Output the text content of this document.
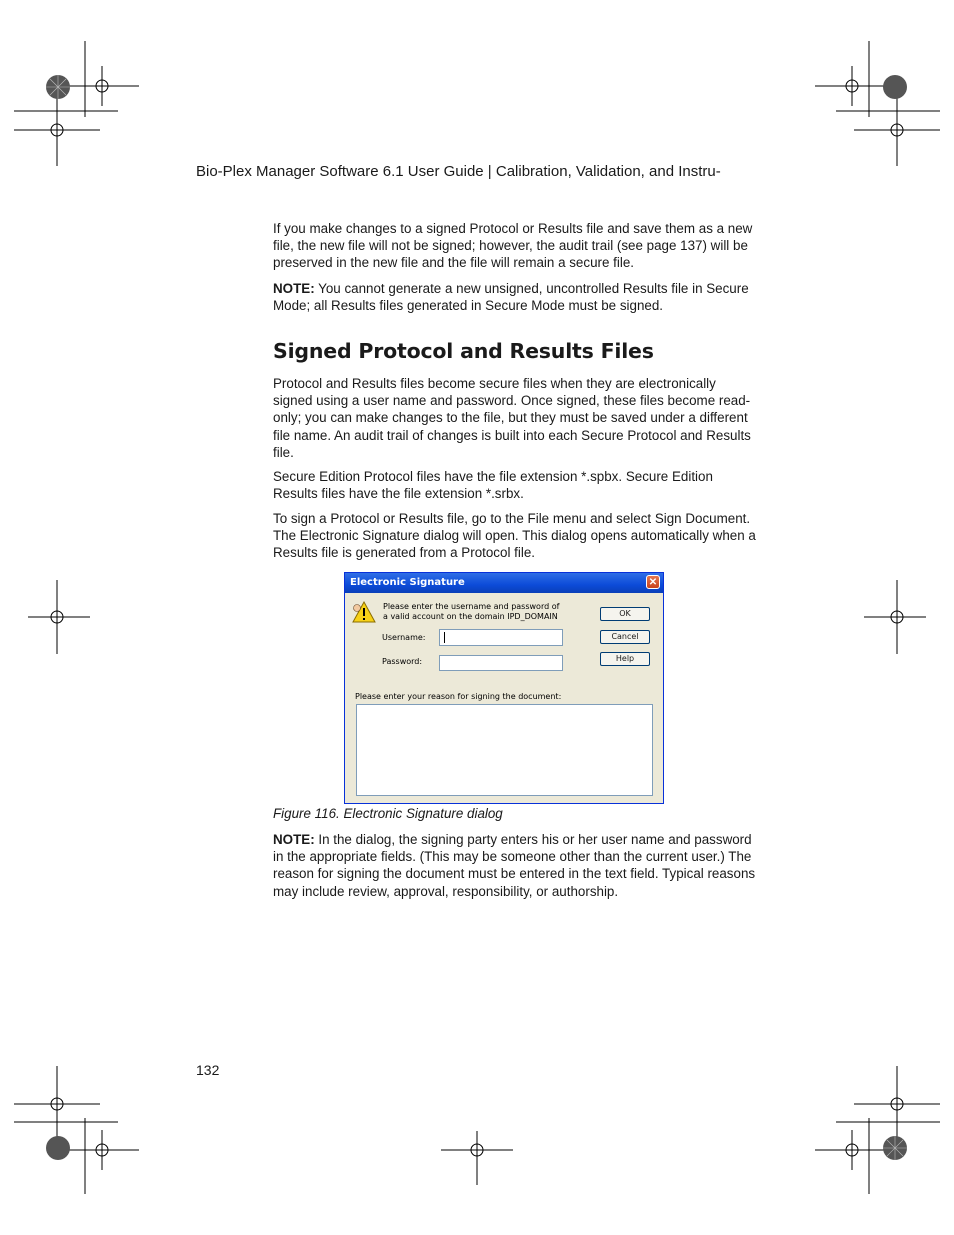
Bio-Plex Manager Software 6.1 User Guide | Calibration, Validation, and Instru-

If you make changes to a signed Protocol or Results file and save them as a new file, the new file will not be signed; however, the audit trail (see page 137) will be preserved in the new file and the file will remain a secure file.

NOTE: You cannot generate a new unsigned, uncontrolled Results file in Secure Mode; all Results files generated in Secure Mode must be signed.

Signed Protocol and Results Files

Protocol and Results files become secure files when they are electronically signed using a user name and password. Once signed, these files become read-only; you can make changes to the file, but they must be saved under a different file name. An audit trail of changes is built into each Secure Protocol and Results file.

Secure Edition Protocol files have the file extension *.spbx. Secure Edition Results files have the file extension *.srbx.

To sign a Protocol or Results file, go to the File menu and select Sign Document. The Electronic Signature dialog will open. This dialog opens automatically when a Results file is generated from a Protocol file.

Electronic Signature	✕
Please enter the username and password of
a valid account on the domain IPD_DOMAIN
Username:
Password:
OK
Cancel
Help
Please enter your reason for signing the document:
Figure 116. Electronic Signature dialog

NOTE: In the dialog, the signing party enters his or her user name and password in the appropriate fields. (This may be someone other than the current user.) The reason for signing the document must be entered in the text field. Typical reasons may include review, approval, responsibility, or authorship.

132
